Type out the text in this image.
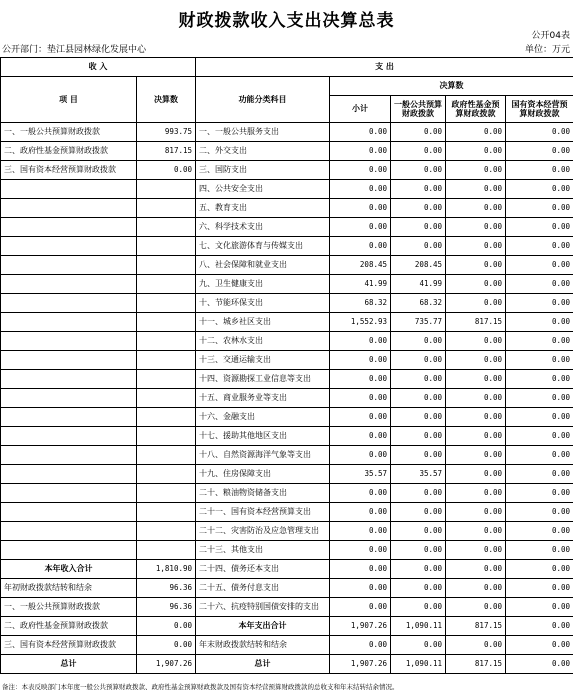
财政拨款收入支出决算总表
公开04表
公开部门：垫江县园林绿化发展中心	单位：万元
收 入		支 出				
项 目	决算数	功能分类科目	决算数			
			小计	一般公共预算财政拨款	政府性基金预算财政拨款	国有资本经营预算财政拨款
一、一般公共预算财政拨款	993.75	一、一般公共服务支出	0.00	0.00	0.00	0.00
二、政府性基金预算财政拨款	817.15	二、外交支出	0.00	0.00	0.00	0.00
三、国有资本经营预算财政拨款	0.00	三、国防支出	0.00	0.00	0.00	0.00
		四、公共安全支出	0.00	0.00	0.00	0.00
		五、教育支出	0.00	0.00	0.00	0.00
		六、科学技术支出	0.00	0.00	0.00	0.00
		七、文化旅游体育与传媒支出	0.00	0.00	0.00	0.00
		八、社会保障和就业支出	208.45	208.45	0.00	0.00
		九、卫生健康支出	41.99	41.99	0.00	0.00
		十、节能环保支出	68.32	68.32	0.00	0.00
		十一、城乡社区支出	1,552.93	735.77	817.15	0.00
		十二、农林水支出	0.00	0.00	0.00	0.00
		十三、交通运输支出	0.00	0.00	0.00	0.00
		十四、资源勘探工业信息等支出	0.00	0.00	0.00	0.00
		十五、商业服务业等支出	0.00	0.00	0.00	0.00
		十六、金融支出	0.00	0.00	0.00	0.00
		十七、援助其他地区支出	0.00	0.00	0.00	0.00
		十八、自然资源海洋气象等支出	0.00	0.00	0.00	0.00
		十九、住房保障支出	35.57	35.57	0.00	0.00
		二十、粮油物资储备支出	0.00	0.00	0.00	0.00
		二十一、国有资本经营预算支出	0.00	0.00	0.00	0.00
		二十二、灾害防治及应急管理支出	0.00	0.00	0.00	0.00
		二十三、其他支出	0.00	0.00	0.00	0.00
本年收入合计	1,810.90	二十四、债务还本支出	0.00	0.00	0.00	0.00
年初财政拨款结转和结余	96.36	二十五、债务付息支出	0.00	0.00	0.00	0.00
一、一般公共预算财政拨款	96.36	二十六、抗疫特别国债安排的支出	0.00	0.00	0.00	0.00
二、政府性基金预算财政拨款	0.00	本年支出合计	1,907.26	1,090.11	817.15	0.00
三、国有资本经营预算财政拨款	0.00	年末财政拨款结转和结余	0.00	0.00	0.00	0.00
总计	1,907.26	总计	1,907.26	1,090.11	817.15	0.00
备注：本表反映部门本年度一般公共预算财政拨款、政府性基金预算财政拨款及国有资本经营预算财政拨款的总收支和年末结转结余情况。
